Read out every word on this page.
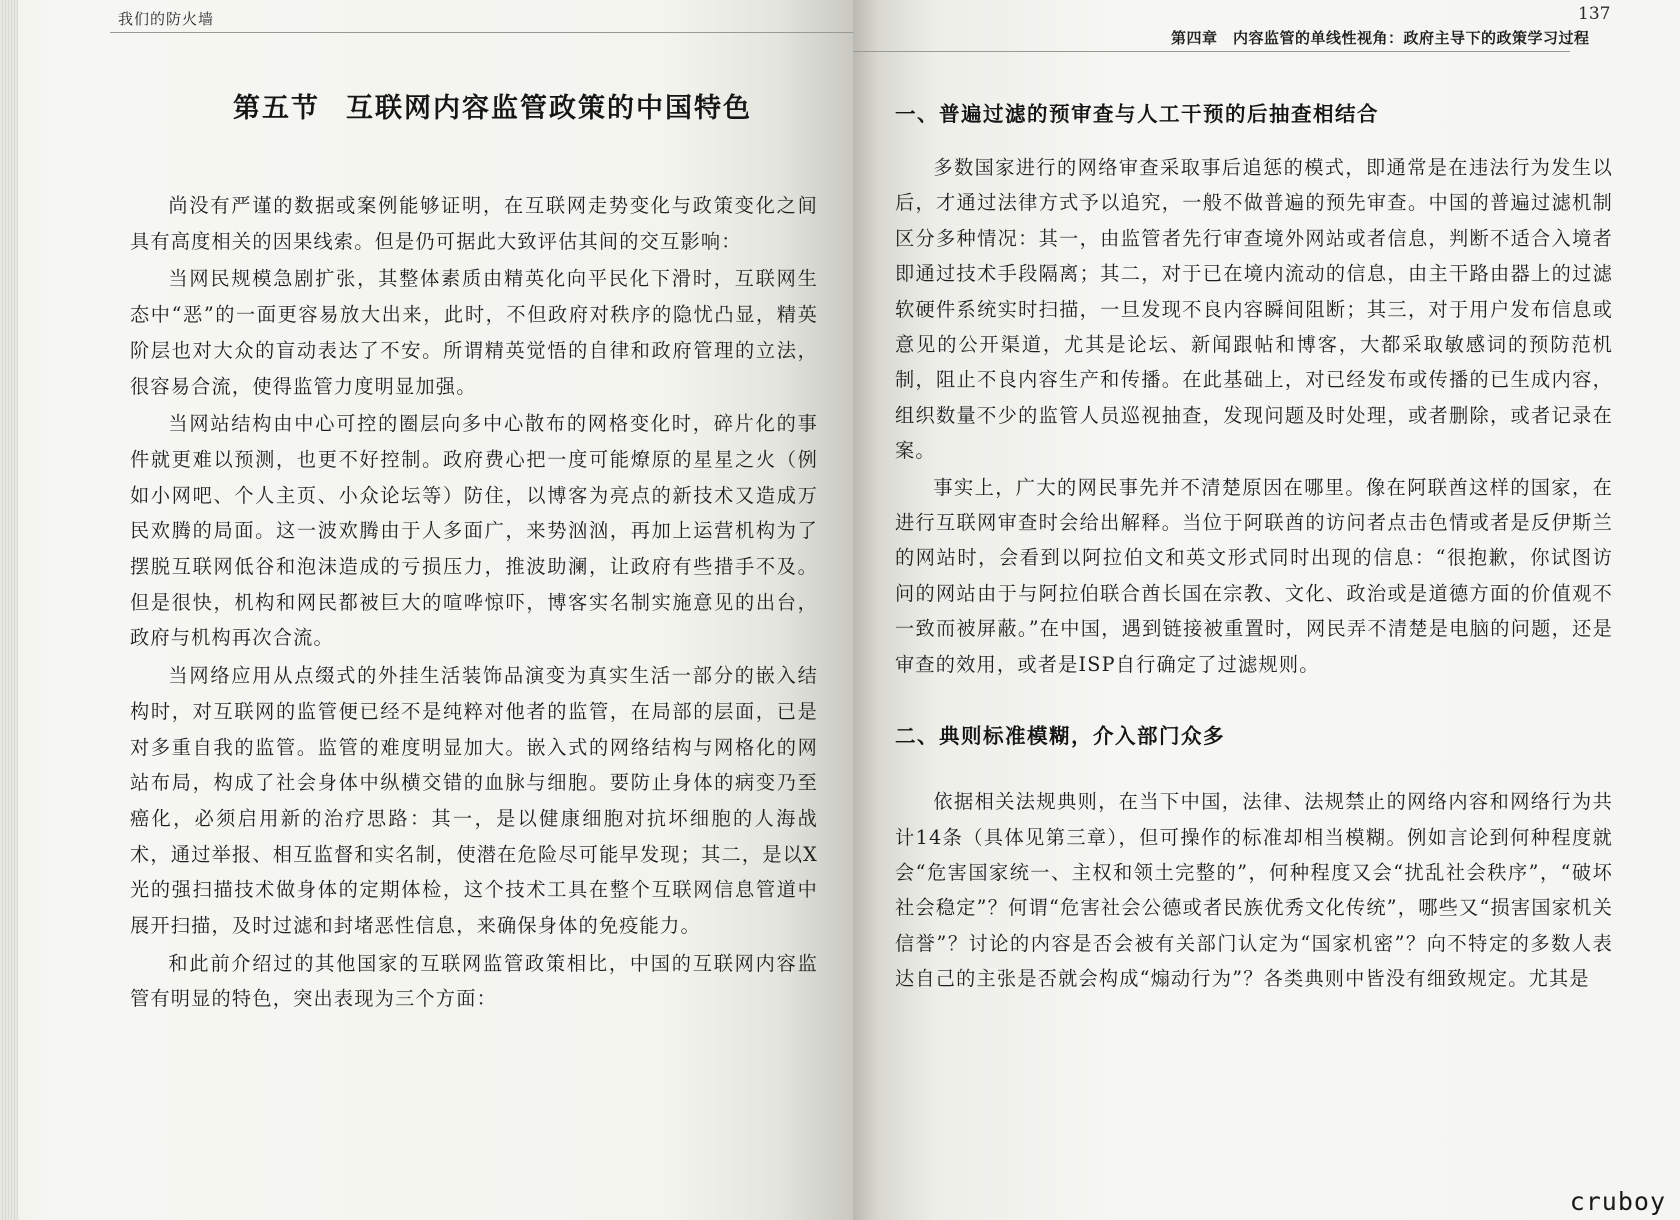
我们的防火墙
第五节 互联网内容监管政策的中国特色

尚没有严谨的数据或案例能够证明，在互联网走势变化与政策变化之间具有高度相关的因果线索。但是仍可据此大致评估其间的交互影响：

当网民规模急剧扩张，其整体素质由精英化向平民化下滑时，互联网生态中“恶”的一面更容易放大出来，此时，不但政府对秩序的隐忧凸显，精英阶层也对大众的盲动表达了不安。所谓精英觉悟的自律和政府管理的立法，很容易合流，使得监管力度明显加强。

当网站结构由中心可控的圈层向多中心散布的网格变化时，碎片化的事件就更难以预测，也更不好控制。政府费心把一度可能燎原的星星之火（例如小网吧、个人主页、小众论坛等）防住，以博客为亮点的新技术又造成万民欢腾的局面。这一波欢腾由于人多面广，来势汹汹，再加上运营机构为了摆脱互联网低谷和泡沫造成的亏损压力，推波助澜，让政府有些措手不及。但是很快，机构和网民都被巨大的喧哗惊吓，博客实名制实施意见的出台，政府与机构再次合流。

当网络应用从点缀式的外挂生活装饰品演变为真实生活一部分的嵌入结构时，对互联网的监管便已经不是纯粹对他者的监管，在局部的层面，已是对多重自我的监管。监管的难度明显加大。嵌入式的网络结构与网格化的网站布局，构成了社会身体中纵横交错的血脉与细胞。要防止身体的病变乃至癌化，必须启用新的治疗思路：其一，是以健康细胞对抗坏细胞的人海战术，通过举报、相互监督和实名制，使潜在危险尽可能早发现；其二，是以X光的强扫描技术做身体的定期体检，这个技术工具在整个互联网信息管道中展开扫描，及时过滤和封堵恶性信息，来确保身体的免疫能力。

和此前介绍过的其他国家的互联网监管政策相比，中国的互联网内容监管有明显的特色，突出表现为三个方面：

137
第四章　内容监管的单线性视角：政府主导下的政策学习过程
一、普遍过滤的预审查与人工干预的后抽查相结合

多数国家进行的网络审查采取事后追惩的模式，即通常是在违法行为发生以后，才通过法律方式予以追究，一般不做普遍的预先审查。中国的普遍过滤机制区分多种情况：其一，由监管者先行审查境外网站或者信息，判断不适合入境者即通过技术手段隔离；其二，对于已在境内流动的信息，由主干路由器上的过滤软硬件系统实时扫描，一旦发现不良内容瞬间阻断；其三，对于用户发布信息或意见的公开渠道，尤其是论坛、新闻跟帖和博客，大都采取敏感词的预防范机制，阻止不良内容生产和传播。在此基础上，对已经发布或传播的已生成内容，组织数量不少的监管人员巡视抽查，发现问题及时处理，或者删除，或者记录在案。

事实上，广大的网民事先并不清楚原因在哪里。像在阿联酋这样的国家，在进行互联网审查时会给出解释。当位于阿联酋的访问者点击色情或者是反伊斯兰的网站时，会看到以阿拉伯文和英文形式同时出现的信息：“很抱歉，你试图访问的网站由于与阿拉伯联合酋长国在宗教、文化、政治或是道德方面的价值观不一致而被屏蔽。”在中国，遇到链接被重置时，网民弄不清楚是电脑的问题，还是审查的效用，或者是ISP自行确定了过滤规则。

二、典则标准模糊，介入部门众多

依据相关法规典则，在当下中国，法律、法规禁止的网络内容和网络行为共计14条（具体见第三章），但可操作的标准却相当模糊。例如言论到何种程度就会“危害国家统一、主权和领土完整的”，何种程度又会“扰乱社会秩序”，“破坏社会稳定”？何谓“危害社会公德或者民族优秀文化传统”，哪些又“损害国家机关信誉”？讨论的内容是否会被有关部门认定为“国家机密”？向不特定的多数人表达自己的主张是否就会构成“煽动行为”？各类典则中皆没有细致规定。尤其是

cruboy
